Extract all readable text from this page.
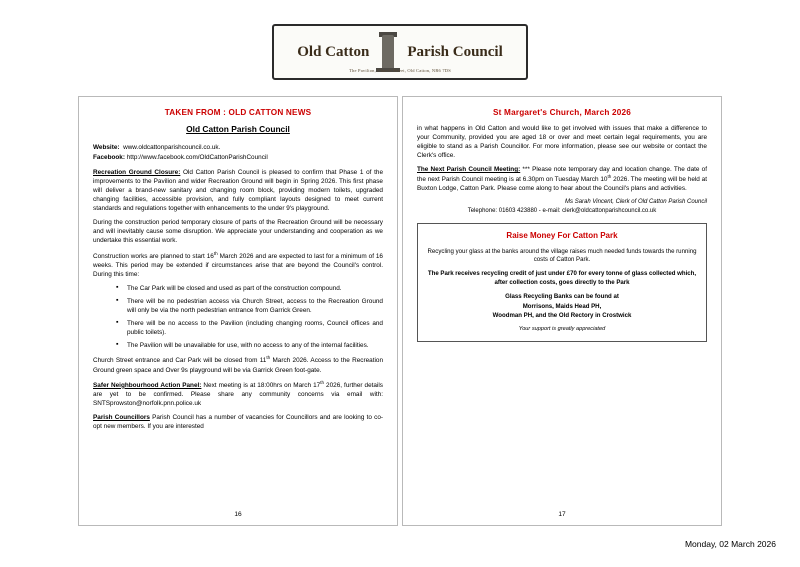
Old Catton	Parish Council
The Pavilion, Church Street, Old Catton, NR6 7DS
TAKEN FROM : OLD CATTON NEWS
Old Catton Parish Council
Website: www.oldcattonparishcouncil.co.uk.
Facebook: http://www.facebook.com/OldCattonParishCouncil

Recreation Ground Closure: Old Catton Parish Council is pleased to confirm that Phase 1 of the improvements to the Pavilion and wider Recreation Ground will begin in Spring 2026. This first phase will deliver a brand-new sanitary and changing room block, providing modern toilets, upgraded changing facilities, accessible provision, and fully compliant layouts designed to meet current standards and regulations together with enhancements to the under 9's playground.

During the construction period temporary closure of parts of the Recreation Ground will be necessary and will inevitably cause some disruption. We appreciate your understanding and cooperation as we undertake this essential work.

Construction works are planned to start 16th March 2026 and are expected to last for a minimum of 16 weeks. This period may be extended if circumstances arise that are beyond the Council's control. During this time:

▪ The Car Park will be closed and used as part of the construction compound.
▪ There will be no pedestrian access via Church Street, access to the Recreation Ground will only be via the north pedestrian entrance from Garrick Green.
▪ There will be no access to the Pavilion (including changing rooms, Council offices and public toilets).
▪ The Pavilion will be unavailable for use, with no access to any of the internal facilities.

Church Street entrance and Car Park will be closed from 11th March 2026. Access to the Recreation Ground green space and Over 9s playground will be via Garrick Green foot-gate.

Safer Neighbourhood Action Panel: Next meeting is at 18:00hrs on March 17th 2026, further details are yet to be confirmed. Please share any community concerns via email with: SNTSprowston@norfolk.pnn.police.uk

Parish Councillors Parish Council has a number of vacancies for Councillors and are looking to co-opt new members. If you are interested

16
St Margaret's Church, March 2026

in what happens in Old Catton and would like to get involved with issues that make a difference to your Community, provided you are aged 18 or over and meet certain legal requirements, you are eligible to stand as a Parish Councillor. For more information, please see our website or contact the Clerk's office.

The Next Parish Council Meeting: *** Please note temporary day and location change. The date of the next Parish Council meeting is at 6.30pm on Tuesday March 10th 2026. The meeting will be held at Buxton Lodge, Catton Park. Please come along to hear about the Council's plans and activities.

Ms Sarah Vincent, Clerk of Old Catton Parish Council
Telephone: 01603 423880 - e-mail: clerk@oldcattonparishcouncil.co.uk
Raise Money For Catton Park

Recycling your glass at the banks around the village raises much needed funds towards the running costs of Catton Park.

The Park receives recycling credit of just under £70 for every tonne of glass collected which, after collection costs, goes directly to the Park

Glass Recycling Banks can be found at
Morrisons, Maids Head PH,
Woodman PH, and the Old Rectory in Crostwick

Your support is greatly appreciated

17
Monday, 02 March 2026
